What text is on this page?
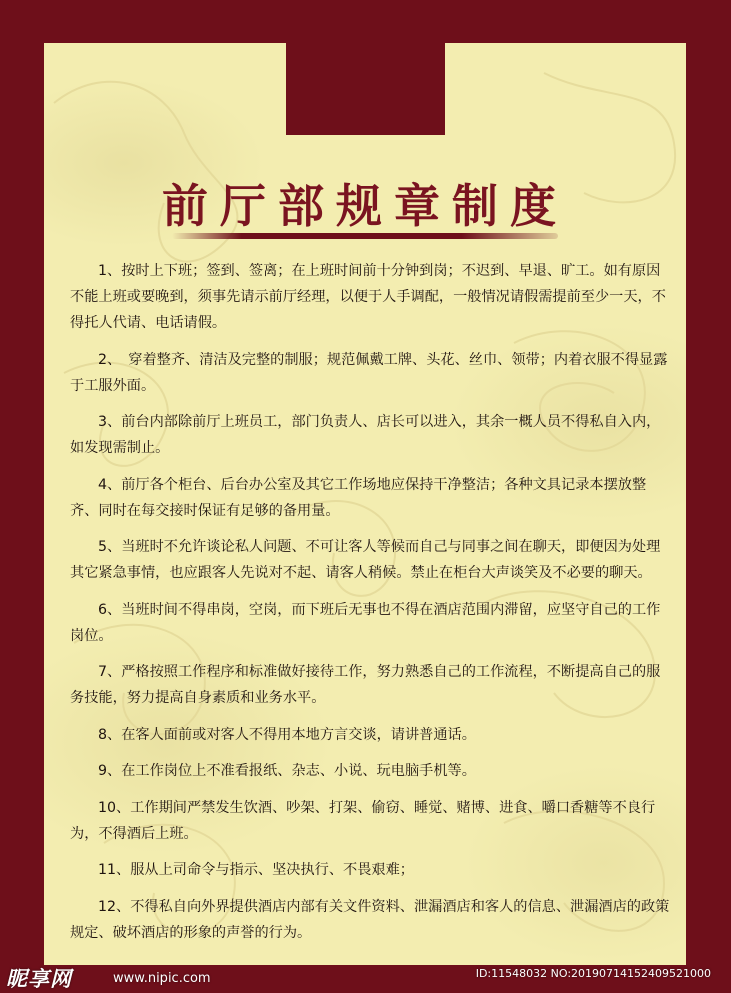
前厅部规章制度

1、按时上下班；签到、签离；在上班时间前十分钟到岗；不迟到、早退、旷工。如有原因不能上班或要晚到，须事先请示前厅经理，以便于人手调配，一般情况请假需提前至少一天，不得托人代请、电话请假。

2、　穿着整齐、清洁及完整的制服；规范佩戴工牌、头花、丝巾、领带；内着衣服不得显露于工服外面。

3、前台内部除前厅上班员工，部门负责人、店长可以进入，其余一概人员不得私自入内，如发现需制止。

4、前厅各个柜台、后台办公室及其它工作场地应保持干净整洁；各种文具记录本摆放整齐、同时在每交接时保证有足够的备用量。

5、当班时不允许谈论私人问题、不可让客人等候而自己与同事之间在聊天，即便因为处理其它紧急事情，也应跟客人先说对不起、请客人稍候。禁止在柜台大声谈笑及不必要的聊天。

6、当班时间不得串岗，空岗，而下班后无事也不得在酒店范围内滞留，应坚守自己的工作岗位。

7、严格按照工作程序和标准做好接待工作，努力熟悉自己的工作流程，不断提高自己的服务技能，努力提高自身素质和业务水平。

8、在客人面前或对客人不得用本地方言交谈，请讲普通话。

9、在工作岗位上不准看报纸、杂志、小说、玩电脑手机等。

10、工作期间严禁发生饮酒、吵架、打架、偷窃、睡觉、赌博、进食、嚼口香糖等不良行为，不得酒后上班。

11、服从上司命令与指示、坚决执行、不畏艰难；

12、不得私自向外界提供酒店内部有关文件资料、泄漏酒店和客人的信息、泄漏酒店的政策规定、破坏酒店的形象的声誉的行为。

昵享网	www.nipic.com	ID:11548032 NO:20190714152409521000
